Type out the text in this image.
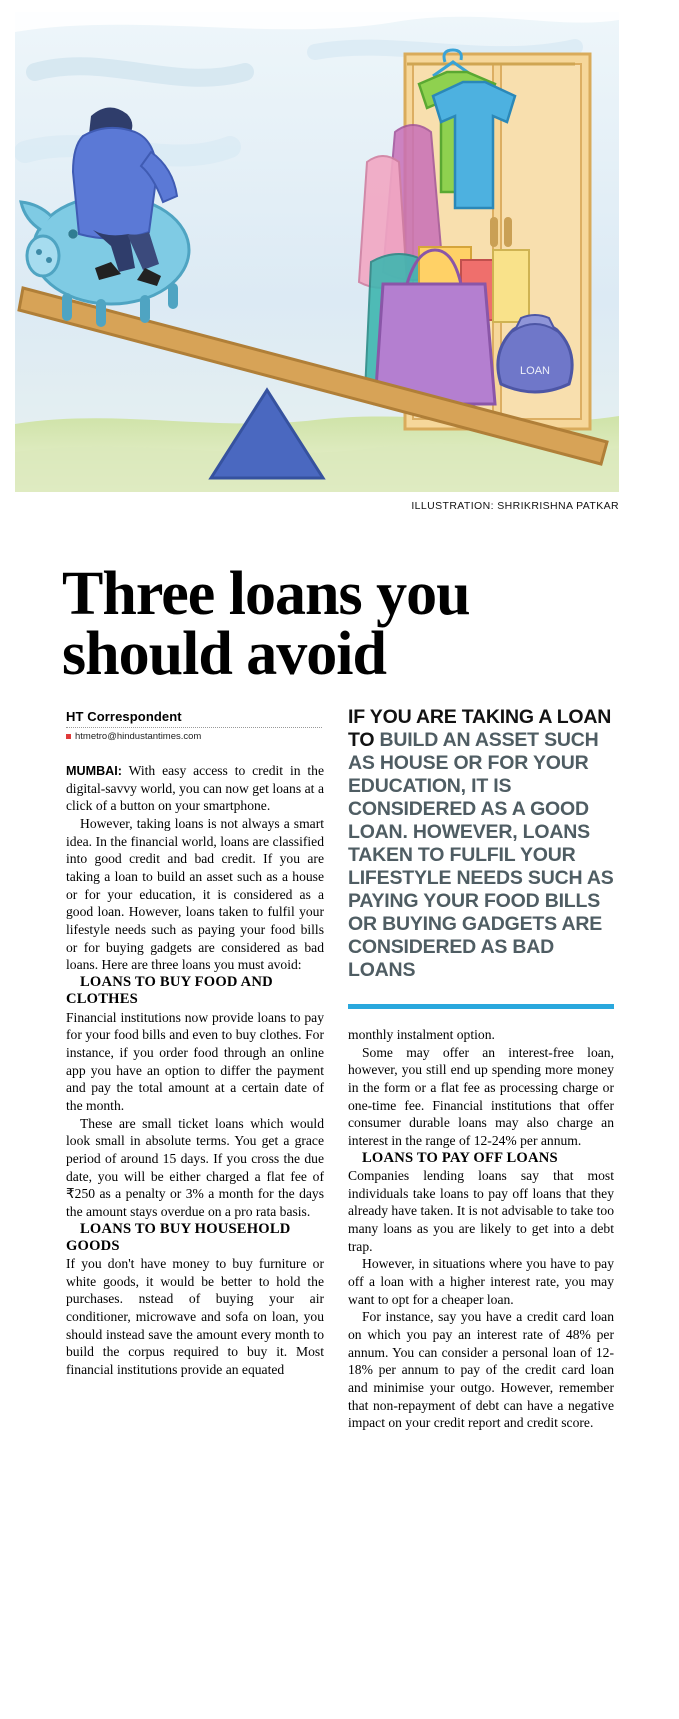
LOAN
ILLUSTRATION: SHRIKRISHNA PATKAR
Three loans you should avoid
HT Correspondent
htmetro@hindustantimes.com
IF YOU ARE TAKING A LOAN TO BUILD AN ASSET SUCH AS HOUSE OR FOR YOUR EDUCATION, IT IS CONSIDERED AS A GOOD LOAN. HOWEVER, LOANS TAKEN TO FULFIL YOUR LIFESTYLE NEEDS SUCH AS PAYING YOUR FOOD BILLS OR BUYING GADGETS ARE CONSIDERED AS BAD LOANS

MUMBAI: With easy access to credit in the digital-savvy world, you can now get loans at a click of a button on your smartphone.

However, taking loans is not always a smart idea. In the financial world, loans are classified into good credit and bad credit. If you are taking a loan to build an asset such as a house or for your education, it is considered as a good loan. However, loans taken to fulfil your lifestyle needs such as paying your food bills or for buying gadgets are considered as bad loans. Here are three loans you must avoid:

LOANS TO BUY FOOD AND CLOTHES

Financial institutions now provide loans to pay for your food bills and even to buy clothes. For instance, if you order food through an online app you have an option to differ the payment and pay the total amount at a certain date of the month.

These are small ticket loans which would look small in absolute terms. You get a grace period of around 15 days. If you cross the due date, you will be either charged a flat fee of ₹250 as a penalty or 3% a month for the days the amount stays overdue on a pro rata basis.

LOANS TO BUY HOUSEHOLD GOODS

If you don't have money to buy furniture or white goods, it would be better to hold the purchases. nstead of buying your air conditioner, microwave and sofa on loan, you should instead save the amount every month to build the corpus required to buy it. Most financial institutions provide an equated

monthly instalment option.

Some may offer an interest-free loan, however, you still end up spending more money in the form or a flat fee as processing charge or one-time fee. Financial institutions that offer consumer durable loans may also charge an interest in the range of 12-24% per annum.

LOANS TO PAY OFF LOANS

Companies lending loans say that most individuals take loans to pay off loans that they already have taken. It is not advisable to take too many loans as you are likely to get into a debt trap.

However, in situations where you have to pay off a loan with a higher interest rate, you may want to opt for a cheaper loan.

For instance, say you have a credit card loan on which you pay an interest rate of 48% per annum. You can consider a personal loan of 12-18% per annum to pay of the credit card loan and minimise your outgo. However, remember that non-repayment of debt can have a negative impact on your credit report and credit score.
